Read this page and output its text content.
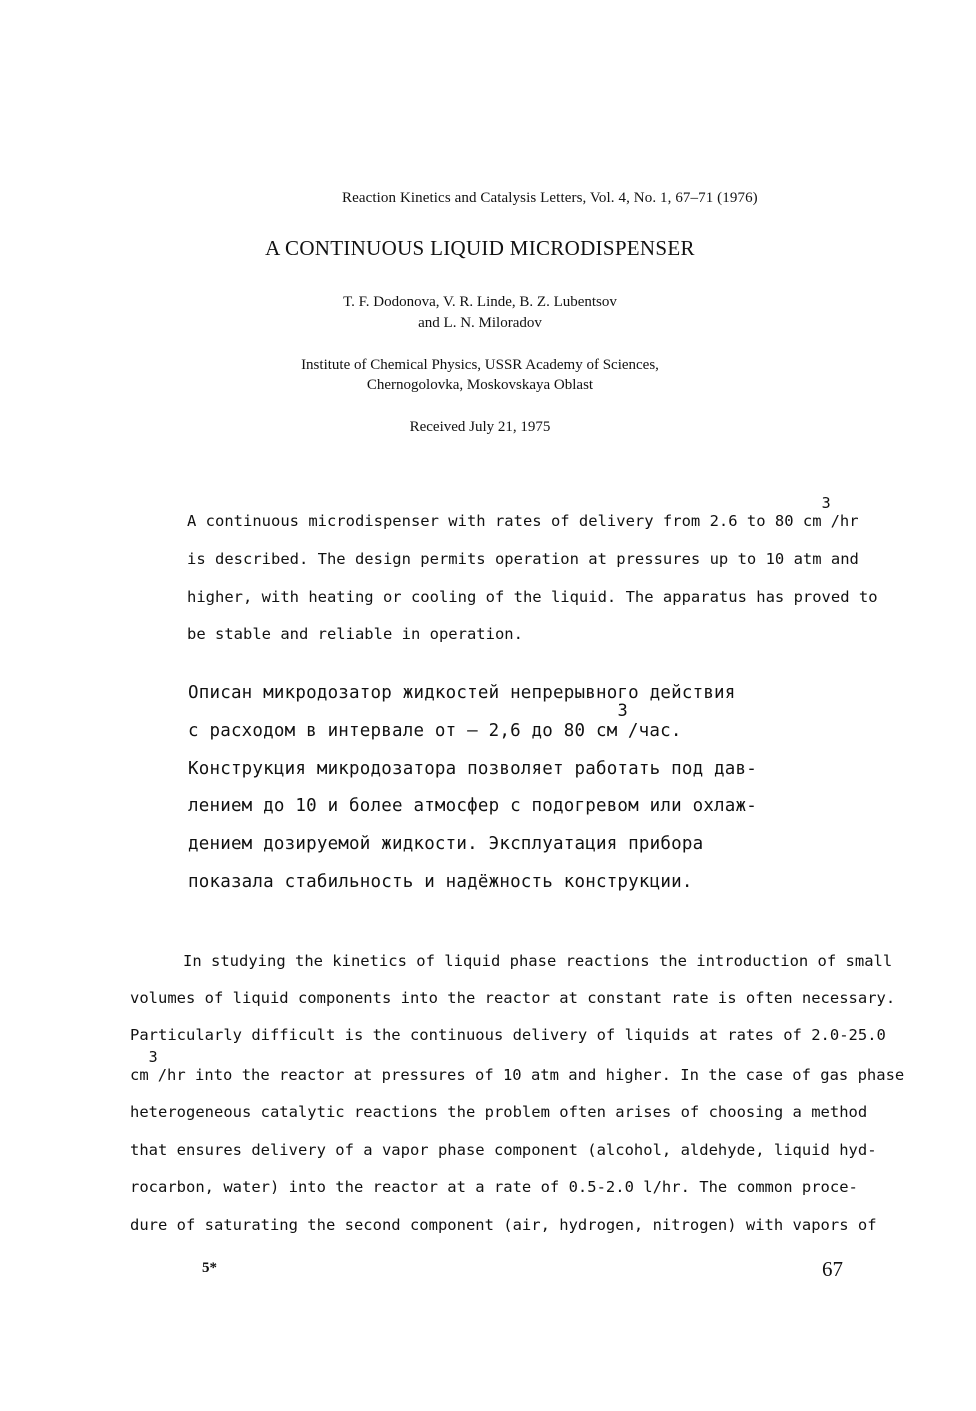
Reaction Kinetics and Catalysis Letters, Vol. 4, No. 1, 67–71 (1976)
A CONTINUOUS LIQUID MICRODISPENSER
T. F. Dodonova, V. R. Linde, B. Z. Lubentsov
and L. N. Miloradov
Institute of Chemical Physics, USSR Academy of Sciences,
Chernogolovka, Moskovskaya Oblast
Received July 21, 1975
A continuous microdispenser with rates of delivery from 2.6 to 80 cm3/hr
is described. The design permits operation at pressures up to 10 atm and
higher, with heating or cooling of the liquid. The apparatus has proved to
be stable and reliable in operation.
Описан микродозатор жидкостей непрерывного действия
с расходом в интервале от – 2,6 до 80 см3/час.
Конструкция микродозатора позволяет работать под дав-
лением до 10 и более атмосфер с подогревом или охлаж-
дением дозируемой жидкости. Эксплуатация прибора
показала стабильность и надёжность конструкции.
In studying the kinetics of liquid phase reactions the introduction of small
volumes of liquid components into the reactor at constant rate is often necessary.
Particularly difficult is the continuous delivery of liquids at rates of 2.0-25.0
cm3/hr into the reactor at pressures of 10 atm and higher. In the case of gas phase
heterogeneous catalytic reactions the problem often arises of choosing a method
that ensures delivery of a vapor phase component (alcohol, aldehyde, liquid hyd-
rocarbon, water) into the reactor at a rate of 0.5-2.0 l/hr. The common proce-
dure of saturating the second component (air, hydrogen, nitrogen) with vapors of
5*	67
